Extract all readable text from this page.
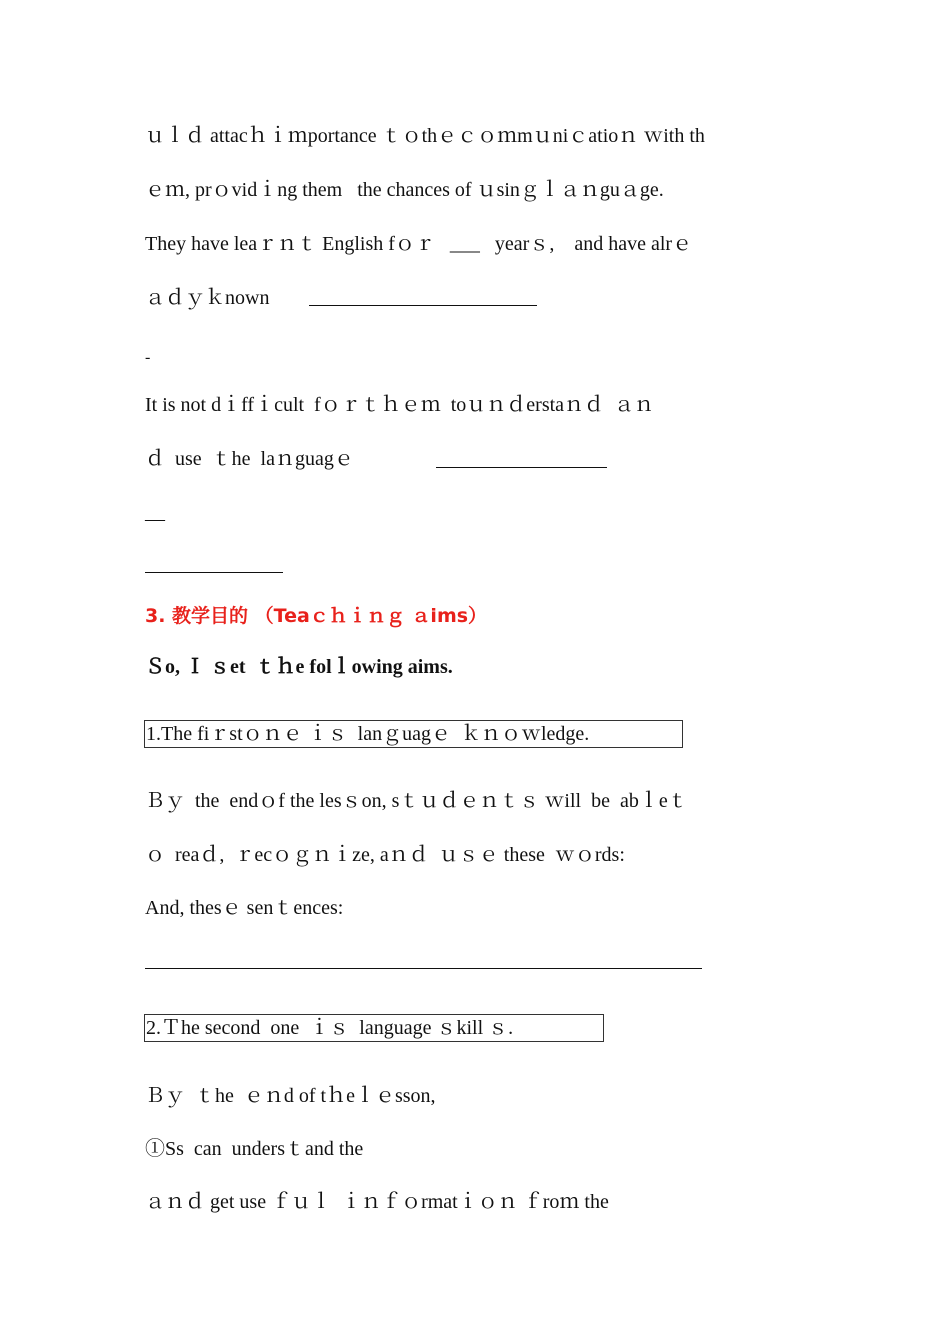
ｕｌｄ attacｈｉｍportance ｔｏthｅｃｏｍmｕniｃatioｎ ｗith th
ｅｍ, prｏvidｉng them   the chances of ｕsinｇｌａｎguａge.
They have leaｒｎｔ English fｏｒ   ___   yearｓ,    and have alrｅ
ａｄｙｋnown
-
It is not dｉffｉcult  fｏｒｔｈｅｍ  toｕｎｄerstaｎｄ  ａｎ
ｄ  use  ｔhe  laｎguagｅ
—
3. 教学目的 （Teaｃｈｉｎｇ ａims）
Ｓo, Ｉ ｓet  ｔｈe folｌowing aims.
1.The fiｒstｏｎｅ ｉｓ  lanｇuagｅ  ｋｎｏｗledge.
Ｂｙ  the  endｏf the lesｓon, sｔｕｄｅｎｔｓ ｗill  be  abｌeｔ
ｏ  reaｄ,  ｒecｏｇｎｉze, aｎｄ  ｕｓｅ these  ｗｏrds:
And, thesｅ senｔences:
2.Ｔhe second  one  ｉｓ  language ｓkill ｓ.
Ｂｙ  ｔhe  ｅｎd of tｈeｌｅsson,
①Ss  can  undersｔand the
ａｎｄ get use ｆｕｌ  ｉｎｆｏrmatｉｏｎ ｆroｍ the
